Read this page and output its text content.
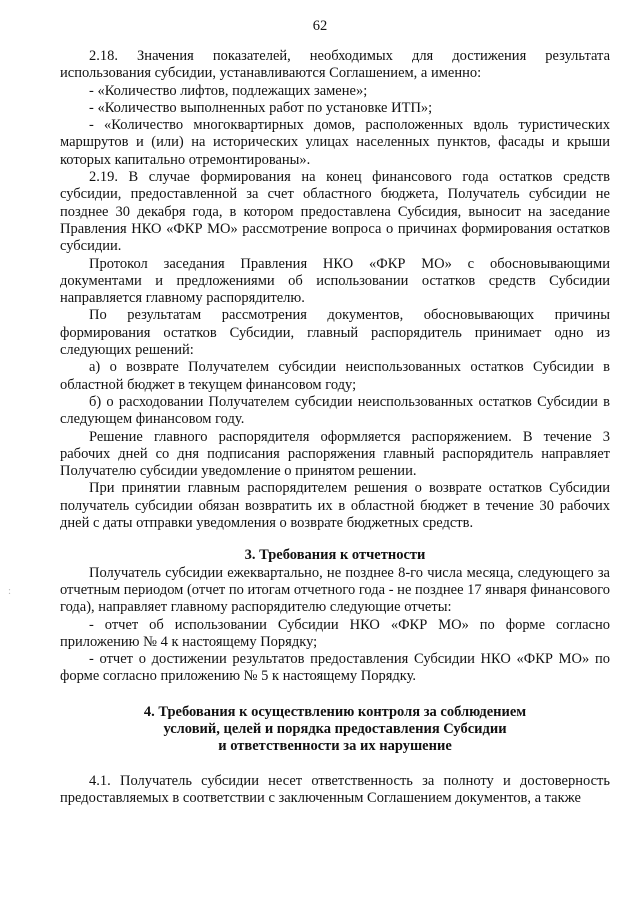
62
:

2.18. Значения показателей, необходимых для достижения результата использования субсидии, устанавливаются Соглашением, а именно:

- «Количество лифтов, подлежащих замене»;

- «Количество выполненных работ по установке ИТП»;

- «Количество многоквартирных домов, расположенных вдоль туристических маршрутов и (или) на исторических улицах населенных пунктов, фасады и крыши которых капитально отремонтированы».

2.19. В случае формирования на конец финансового года остатков средств субсидии, предоставленной за счет областного бюджета, Получатель субсидии не позднее 30 декабря года, в котором предоставлена Субсидия, выносит на заседание Правления НКО «ФКР МО» рассмотрение вопроса о причинах формирования остатков субсидии.

Протокол заседания Правления НКО «ФКР МО» с обосновывающими документами и предложениями об использовании остатков средств Субсидии направляется главному распорядителю.

По результатам рассмотрения документов, обосновывающих причины формирования остатков Субсидии, главный распорядитель принимает одно из следующих решений:

а) о возврате Получателем субсидии неиспользованных остатков Субсидии в областной бюджет в текущем финансовом году;

б) о расходовании Получателем субсидии неиспользованных остатков Субсидии в следующем финансовом году.

Решение главного распорядителя оформляется распоряжением. В течение 3 рабочих дней со дня подписания распоряжения главный распорядитель направляет Получателю субсидии уведомление о принятом решении.

При принятии главным распорядителем решения о возврате остатков Субсидии получатель субсидии обязан возвратить их в областной бюджет в течение 30 рабочих дней с даты отправки уведомления о возврате бюджетных средств.

3. Требования к отчетности

Получатель субсидии ежеквартально, не позднее 8-го числа месяца, следующего за отчетным периодом (отчет по итогам отчетного года - не позднее 17 января финансового года), направляет главному распорядителю следующие отчеты:

- отчет об использовании Субсидии НКО «ФКР МО» по форме согласно приложению № 4 к настоящему Порядку;

- отчет о достижении результатов предоставления Субсидии НКО «ФКР МО» по форме согласно приложению № 5 к настоящему Порядку.

4. Требования к осуществлению контроля за соблюдением
условий, целей и порядка предоставления Субсидии
и ответственности за их нарушение

4.1. Получатель субсидии несет ответственность за полноту и достоверность предоставляемых в соответствии с заключенным Соглашением документов, а также
